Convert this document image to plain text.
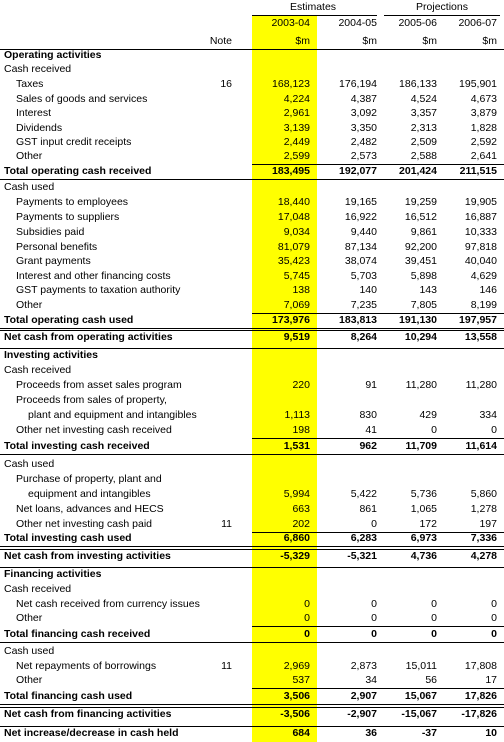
Estimates	Projections
2003-04	2004-05	2005-06	2006-07
Note	$m	$m	$m	$m
Operating activities
Cash received
Taxes	16	168,123	176,194	186,133	195,901
Sales of goods and services	4,224	4,387	4,524	4,673
Interest	2,961	3,092	3,357	3,879
Dividends	3,139	3,350	2,313	1,828
GST input credit receipts	2,449	2,482	2,509	2,592
Other	2,599	2,573	2,588	2,641
Total operating cash received	183,495	192,077	201,424	211,515
Cash used
Payments to employees	18,440	19,165	19,259	19,905
Payments to suppliers	17,048	16,922	16,512	16,887
Subsidies paid	9,034	9,440	9,861	10,333
Personal benefits	81,079	87,134	92,200	97,818
Grant payments	35,423	38,074	39,451	40,040
Interest and other financing costs	5,745	5,703	5,898	4,629
GST payments to taxation authority	138	140	143	146
Other	7,069	7,235	7,805	8,199
Total operating cash used	173,976	183,813	191,130	197,957
Net cash from operating activities	9,519	8,264	10,294	13,558
Investing activities
Cash received
Proceeds from asset sales program	220	91	11,280	11,280
Proceeds from sales of property,
plant and equipment and intangibles	1,113	830	429	334
Other net investing cash received	198	41	0	0
Total investing cash received	1,531	962	11,709	11,614
Cash used
Purchase of property, plant and
equipment and intangibles	5,994	5,422	5,736	5,860
Net loans, advances and HECS	663	861	1,065	1,278
Other net investing cash paid	11	202	0	172	197
Total investing cash used	6,860	6,283	6,973	7,336
Net cash from investing activities	-5,329	-5,321	4,736	4,278
Financing activities
Cash received
Net cash received from currency issues	0	0	0	0
Other	0	0	0	0
Total financing cash received	0	0	0	0
Cash used
Net repayments of borrowings	11	2,969	2,873	15,011	17,808
Other	537	34	56	17
Total financing cash used	3,506	2,907	15,067	17,826
Net cash from financing activities	-3,506	-2,907	-15,067	-17,826
Net increase/decrease in cash held	684	36	-37	10
